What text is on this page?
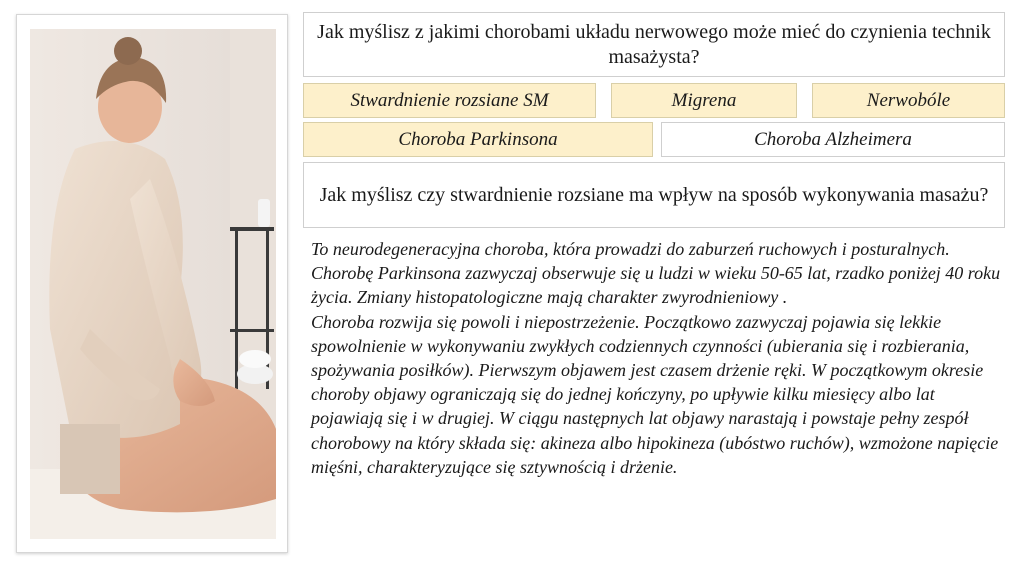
Jak myślisz z jakimi chorobami układu nerwowego może mieć do czynienia technik masażysta?
Stwardnienie rozsiane SM	Migrena	Nerwobóle
Choroba Parkinsona	Choroba Alzheimera
Jak myślisz czy stwardnienie rozsiane ma wpływ na sposób wykonywania masażu?

To neurodegeneracyjna choroba, która prowadzi do zaburzeń ruchowych i posturalnych. Chorobę Parkinsona zazwyczaj obserwuje się u ludzi w wieku 50-65 lat, rzadko poniżej 40 roku życia. Zmiany histopatologiczne mają charakter zwyrodnieniowy .

Choroba rozwija się powoli i niepostrzeżenie. Początkowo zazwyczaj pojawia się lekkie spowolnienie w wykonywaniu zwykłych codziennych czynności (ubierania się i rozbierania, spożywania posiłków). Pierwszym objawem jest czasem drżenie ręki. W początkowym okresie choroby objawy ograniczają się do jednej kończyny, po upływie kilku miesięcy albo lat pojawiają się i w drugiej. W ciągu następnych lat objawy narastają i powstaje pełny zespół chorobowy na który składa się: akineza albo hipokineza (ubóstwo ruchów), wzmożone napięcie mięśni, charakteryzujące się sztywnością i drżenie.
